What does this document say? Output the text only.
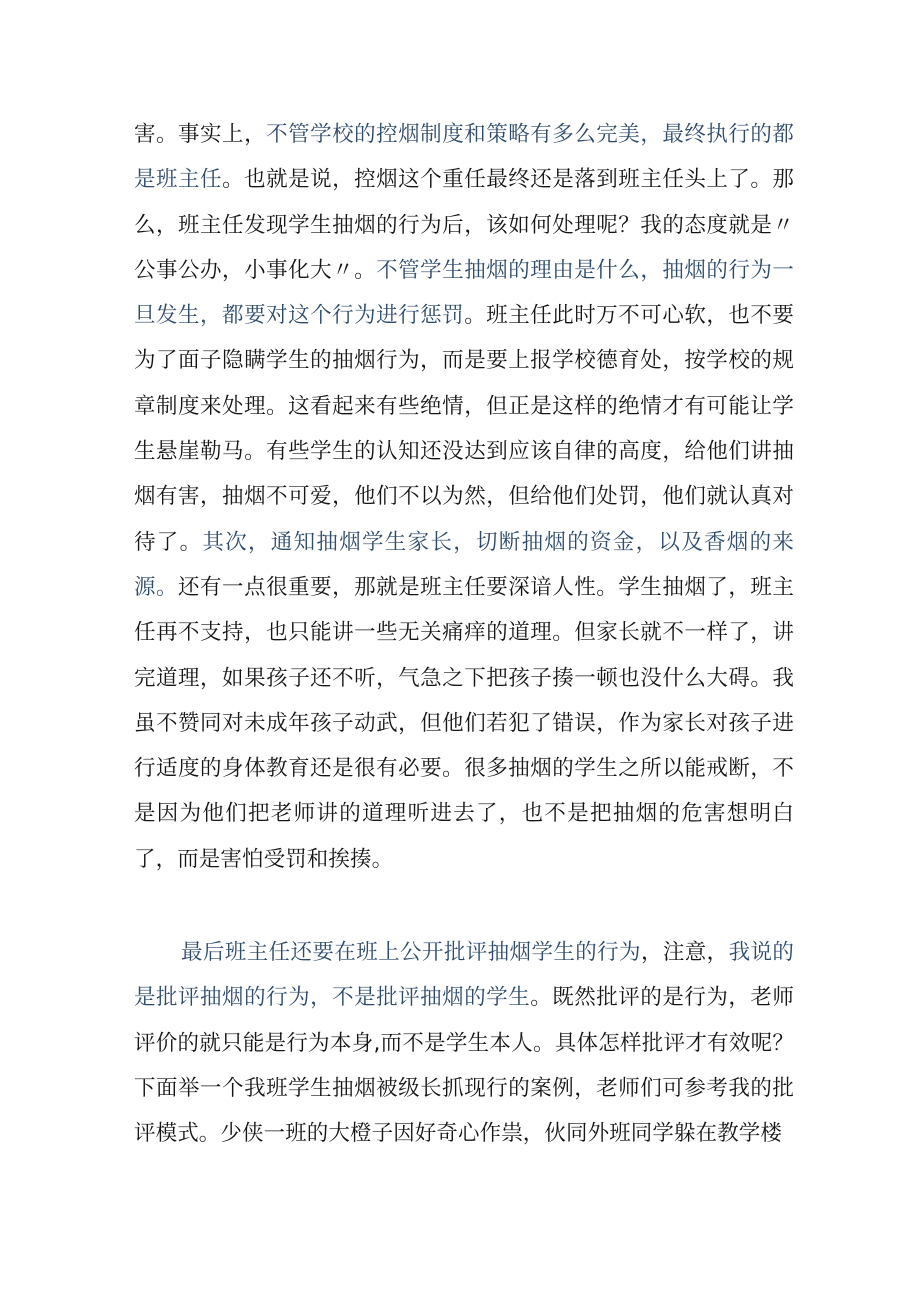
害。事实上，不管学校的控烟制度和策略有多么完美，最终执行的都是班主任。也就是说，控烟这个重任最终还是落到班主任头上了。那么，班主任发现学生抽烟的行为后，该如何处理呢？我的态度就是〃公事公办，小事化大〃。不管学生抽烟的理由是什么，抽烟的行为一旦发生，都要对这个行为进行惩罚。班主任此时万不可心软，也不要为了面子隐瞒学生的抽烟行为，而是要上报学校德育处，按学校的规章制度来处理。这看起来有些绝情，但正是这样的绝情才有可能让学生悬崖勒马。有些学生的认知还没达到应该自律的高度，给他们讲抽烟有害，抽烟不可爱，他们不以为然，但给他们处罚，他们就认真对待了。其次，通知抽烟学生家长，切断抽烟的资金，以及香烟的来源。还有一点很重要，那就是班主任要深谙人性。学生抽烟了，班主任再不支持，也只能讲一些无关痛痒的道理。但家长就不一样了，讲完道理，如果孩子还不听，气急之下把孩子揍一顿也没什么大碍。我虽不赞同对未成年孩子动武，但他们若犯了错误，作为家长对孩子进行适度的身体教育还是很有必要。很多抽烟的学生之所以能戒断，不是因为他们把老师讲的道理听进去了，也不是把抽烟的危害想明白了，而是害怕受罚和挨揍。

最后班主任还要在班上公开批评抽烟学生的行为，注意，我说的是批评抽烟的行为，不是批评抽烟的学生。既然批评的是行为，老师评价的就只能是行为本身,而不是学生本人。具体怎样批评才有效呢？下面举一个我班学生抽烟被级长抓现行的案例，老师们可参考我的批评模式。少侠一班的大橙子因好奇心作祟，伙同外班同学躲在教学楼
